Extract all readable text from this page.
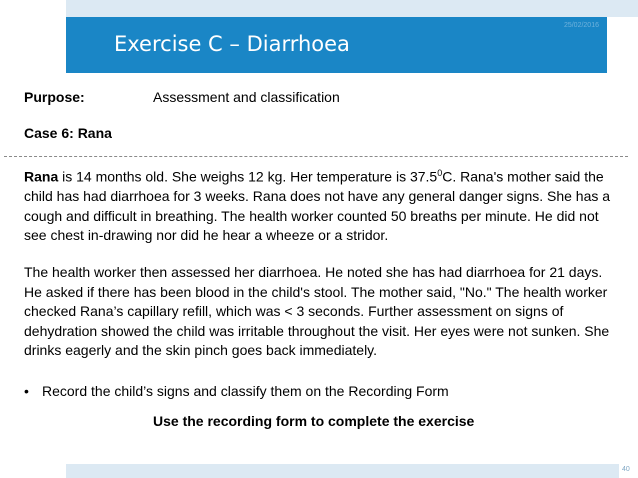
25/02/2016
Exercise C – Diarrhoea
Purpose:	Assessment and classification
Case 6: Rana

Rana is 14 months old. She weighs 12 kg. Her temperature is 37.5$^0$C. Rana's mother said the child has had diarrhoea for 3 weeks. Rana does not have any general danger signs. She has a cough and difficult in breathing. The health worker counted 50 breaths per minute. He did not see chest in-drawing nor did he hear a wheeze or a stridor.

The health worker then assessed her diarrhoea. He noted she has had diarrhoea for 21 days. He asked if there has been blood in the child's stool. The mother said, "No." The health worker checked Rana’s capillary refill, which was < 3 seconds. Further assessment on signs of dehydration showed the child was irritable throughout the visit. Her eyes were not sunken. She drinks eagerly and the skin pinch goes back immediately.

• Record the child’s signs and classify them on the Recording Form
Use the recording form to complete the exercise
40
